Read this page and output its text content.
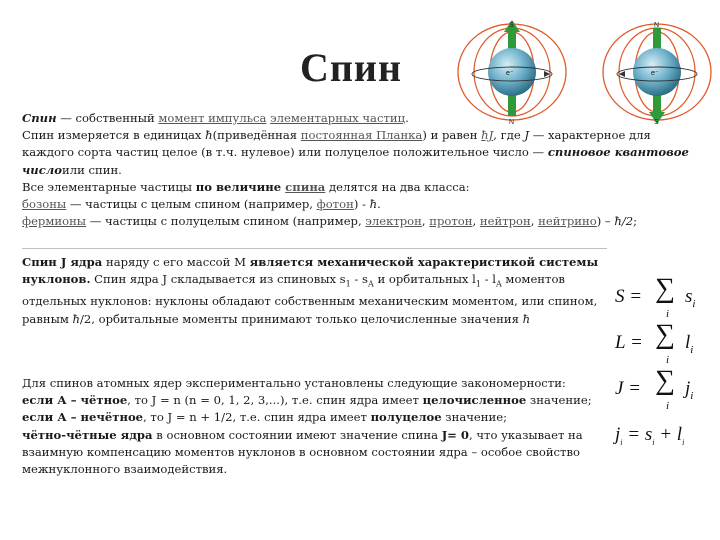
Спин
S
N
N
S
e⁻	e⁻
Спин — собственный момент импульса элементарных частиц.
Спин измеряется в единицах ħ(приведённая постоянная Планка) и равен ħJ, где J — характерное для
каждого сорта частиц целое (в т.ч. нулевое) или полуцелое положительное число — спиновое квантовое
числоили спин.
Все элементарные частицы по величине спина делятся на два класса:
бозоны — частицы с целым спином (например, фотон) - ħ.
фермионы — частицы с полуцелым спином (например, электрон, протон, нейтрон, нейтрино) – ħ/2;
Спин J ядра наряду с его массой М является механической характеристикой системы нуклонов. Спин ядра J складывается из спиновых $s_1 - s_A$ и орбитальных $l_1 - l_A$ моментов отдельных нуклонов: нуклоны обладают собственным механическим моментом, или спином, равным ħ/2, орбитальные моменты принимают только целочисленные значения ħ
Для спинов атомных ядер экспериментально установлены следующие закономерности:
если А – чётное, то J = n (n = 0, 1, 2, 3,...), т.е. спин ядра имеет целочисленное значение;
если А – нечётное, то J = n + 1/2, т.е. спин ядра имеет полуцелое значение;
чётно-чётные ядра в основном состоянии имеют значение спина J= 0, что указывает на взаимную компенсацию моментов нуклонов в основном состоянии ядра – особое свойство межнуклонного взаимодействия.
S = ∑
i
$s_i$
L = ∑
i
$l_i$
J = ∑
i
$j_i$
$j_i = s_i + l_i$
